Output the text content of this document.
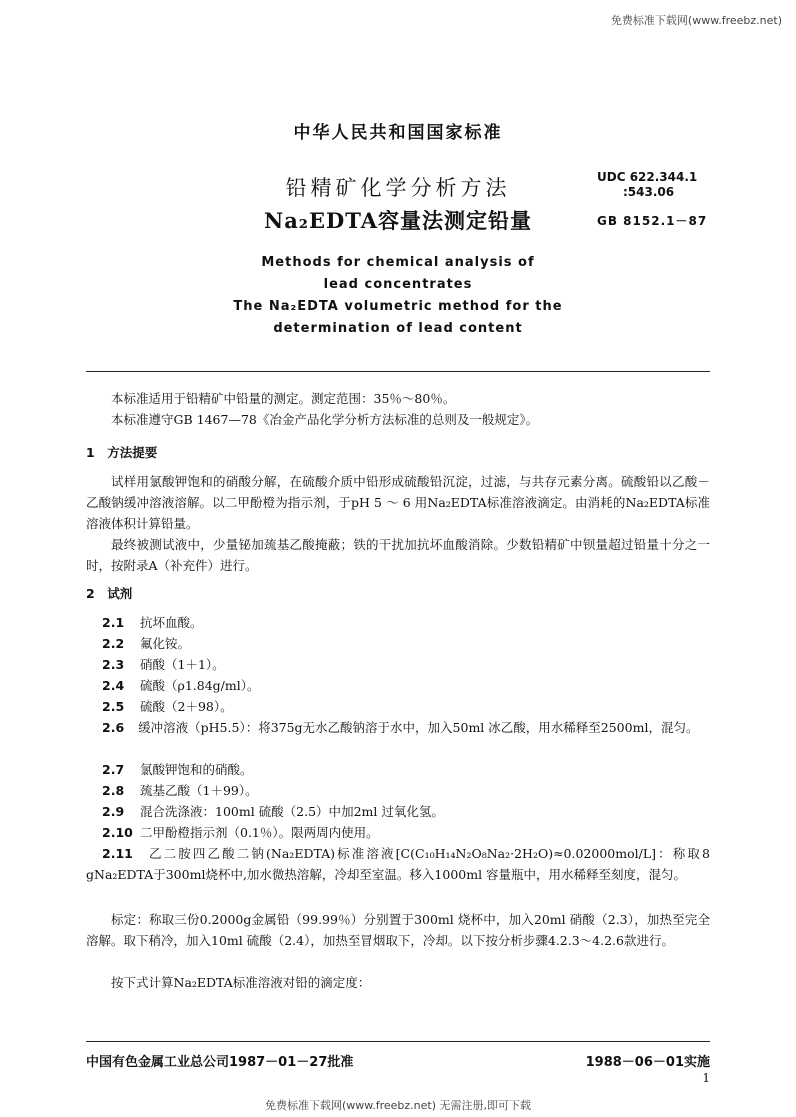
免费标准下载网(www.freebz.net)
中华人民共和国国家标准
铅精矿化学分析方法
Na₂EDTA容量法测定铅量
Methods for chemical analysis of
lead concentrates
The Na₂EDTA volumetric method for the
determination of lead content
UDC 622.344.1
:543.06
GB 8152.1－87
本标准适用于铅精矿中铅量的测定。测定范围：35％～80％。
本标准遵守GB 1467—78《冶金产品化学分析方法标准的总则及一般规定》。
1　方法提要
试样用氯酸钾饱和的硝酸分解，在硫酸介质中铅形成硫酸铅沉淀，过滤，与共存元素分离。硫酸铅以乙酸－乙酸钠缓冲溶液溶解。以二甲酚橙为指示剂，于pH 5 ～ 6 用Na₂EDTA标准溶液滴定。由消耗的Na₂EDTA标准溶液体积计算铅量。
最终被测试液中，少量铋加巯基乙酸掩蔽；铁的干扰加抗坏血酸消除。少数铅精矿中钡量超过铅量十分之一时，按附录A（补充件）进行。
2　试剂
2.1 抗坏血酸。
2.2 氟化铵。
2.3 硝酸（1＋1）。
2.4 硫酸（ρ1.84g/ml）。
2.5 硫酸（2＋98）。
2.6 缓冲溶液（pH5.5）：将375g无水乙酸钠溶于水中，加入50ml 冰乙酸，用水稀释至2500ml，混匀。
2.7 氯酸钾饱和的硝酸。
2.8 巯基乙酸（1＋99）。
2.9 混合洗涤液：100ml 硫酸（2.5）中加2ml 过氧化氢。
2.10 二甲酚橙指示剂（0.1％）。限两周内使用。
2.11 乙二胺四乙酸二钠(Na₂EDTA)标准溶液[C(C₁₀H₁₄N₂O₈Na₂·2H₂O)≈0.02000mol/L]：称取8 gNa₂EDTA于300ml烧杯中,加水微热溶解，冷却至室温。移入1000ml 容量瓶中，用水稀释至刻度，混匀。
标定：称取三份0.2000g金属铅（99.99％）分别置于300ml 烧杯中，加入20ml 硝酸（2.3），加热至完全溶解。取下稍冷，加入10ml 硫酸（2.4），加热至冒烟取下，冷却。以下按分析步骤4.2.3～4.2.6款进行。
按下式计算Na₂EDTA标准溶液对铅的滴定度：
中国有色金属工业总公司1987－01－27批准	1988－06－01实施
1
免费标准下载网(www.freebz.net) 无需注册,即可下载
